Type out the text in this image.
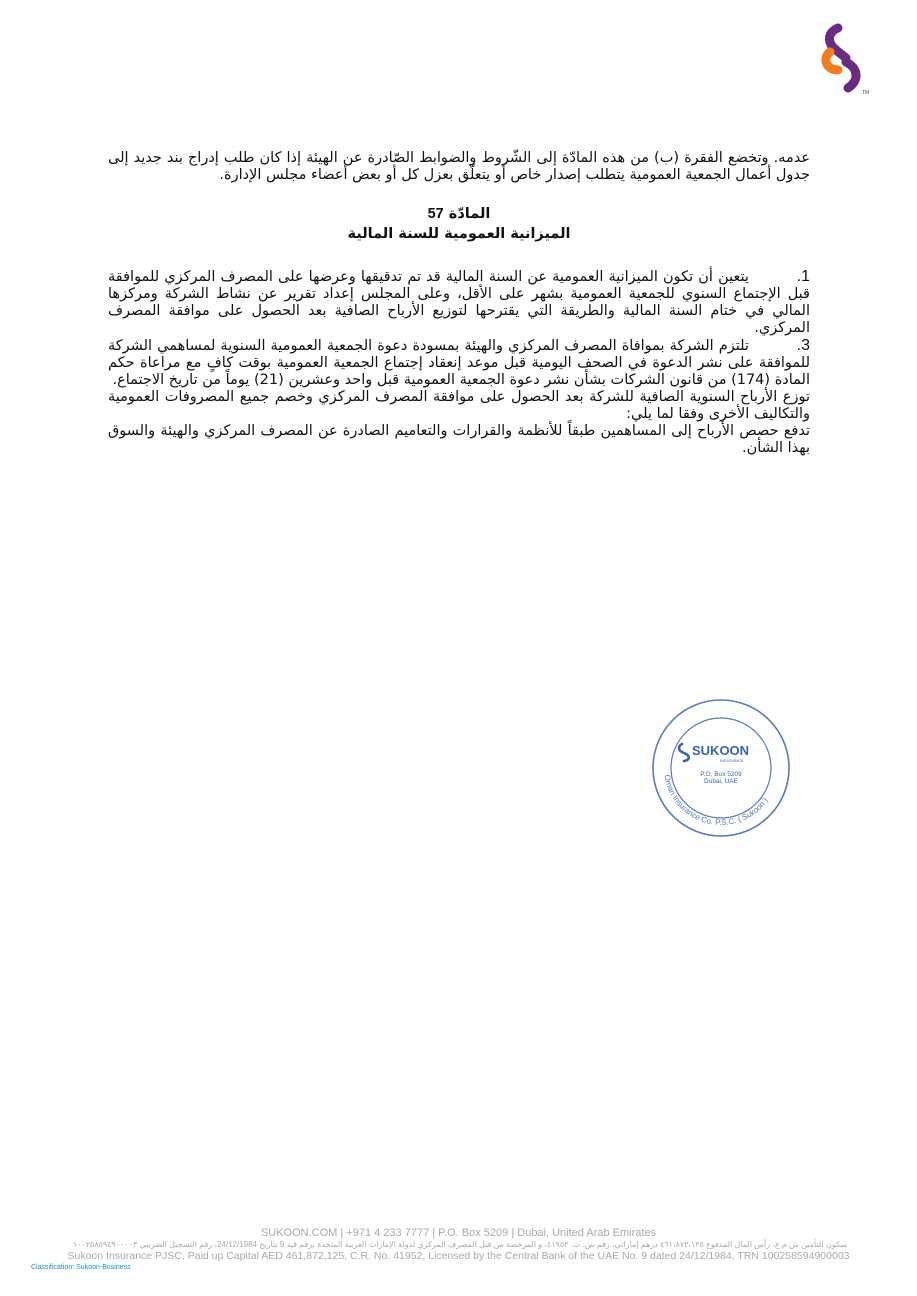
TM

عدمه. وتخضع الفقرة (ب) من هذه المادّة إلى الشّروط والضوابط الصّادرة عن الهيئة إذا كان طلب إدراج بند جديد إلى جدول أعمال الجمعية العمومية يتطلب إصدار خاص أو يتعلّق بعزل كل أو بعض أعضاء مجلس الإدارة.

المادّة 57
الميزانية العمومية للسنة المالية

1. يتعين أن تكون الميزانية العمومية عن السنة المالية قد تم تدقيقها وعرضها على المصرف المركزي للموافقة قبل الإجتماع السنوي للجمعية العمومية بشهر على الأقل، وعلى المجلس إعداد تقرير عن نشاط الشركة ومركزها المالي في ختام السنة المالية والطريقة التي يقترحها لتوزيع الأرباح الصافية بعد الحصول على موافقة المصرف المركزي.

3. تلتزم الشركة بموافاة المصرف المركزي والهيئة بمسودة دعوة الجمعية العمومية السنوية لمساهمي الشركة للموافقة على نشر الدعوة في الصحف اليومية قبل موعد إنعقاد إجتماع الجمعية العمومية بوقت كافٍ مع مراعاة حكم المادة (174) من قانون الشركات بشأن نشر دعوة الجمعية العمومية قبل واحد وعشرين (21) يوماً من تاريخ الاجتماع.

توزع الأرباح السنوية الصافية للشركة بعد الحصول على موافقة المصرف المركزي وخصم جميع المصروفات العمومية والتكاليف الأخرى وفقا لما يلي:

تدفع حصص الأرباح إلى المساهمين طبقاً للأنظمة والقرارات والتعاميم الصادرة عن المصرف المركزي والهيئة والسوق بهذا الشأن.

Oman Insurance Co. P.S.C. ( Sukoon )
SUKOON
INSURANCE
P.O. Box 5209
Dubai, UAE
SUKOON.COM | +971 4 233 7777 | P.O. Box 5209 | Dubai, United Arab Emirates
سكون للتأمين ش.م.ع، رأس المال المدفوع ٤٦١،٨٧٢،١٢٥ درهم إماراتي، رقم س. ت. ٤١٩٥٢، و المرخصة من قبل المصرف المركزي لدولة الإمارات العربية المتحدة برقم قيد 9 بتاريخ 24/12/1984، رقم التسجيل الضريبي ١٠٠٢٥٨٥٩٤٩٠٠٠٠٣
Sukoon Insurance PJSC, Paid up Capital AED 461,872,125, C.R. No. 41952, Licensed by the Central Bank of the UAE No. 9 dated 24/12/1984, TRN 100258594900003
Classification: Sukoon-Business
